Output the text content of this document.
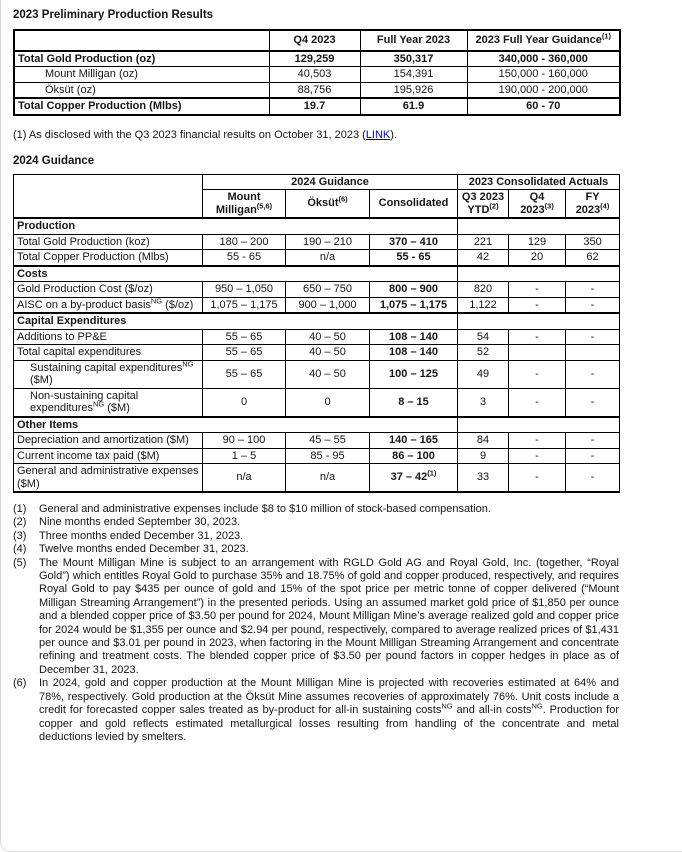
2023 Preliminary Production Results
	Q4 2023	Full Year 2023	2023 Full Year Guidance$^{(1)}$
Total Gold Production (oz)	129,259	350,317	340,000 - 360,000
Mount Milligan (oz)	40,503	154,391	150,000 - 160,000
Öksüt (oz)	88,756	195,926	190,000 - 200,000
Total Copper Production (Mlbs)	19.7	61.9	60 - 70

(1) As disclosed with the Q3 2023 financial results on October 31, 2023 (LINK).

2024 Guidance
	2024 Guidance			2023 Consolidated Actuals		
	Mount Milligan$^{(5,6)}$	Öksüt$^{(6)}$	Consolidated	Q3 2023 YTD$^{(2)}$	Q4 2023$^{(3)}$	FY 2023$^{(4)}$
Production						
Total Gold Production (koz)	180 – 200	190 – 210	370 – 410	221	129	350
Total Copper Production (Mlbs)	55 - 65	n/a	55 - 65	42	20	62
Costs						
Gold Production Cost ($/oz)	950 – 1,050	650 – 750	800 – 900	820	-	-
AISC on a by-product basis$^{NG}$ ($/oz)	1,075 – 1,175	900 – 1,000	1,075 – 1,175	1,122	-	-
Capital Expenditures						
Additions to PP&E	55 – 65	40 – 50	108 – 140	54	-	-
Total capital expenditures	55 – 65	40 – 50	108 – 140	52		
Sustaining capital expenditures$^{NG}$ ($M)	55 – 65	40 – 50	100 – 125	49	-	-
Non-sustaining capital expenditures$^{NG}$ ($M)	0	0	8 – 15	3	-	-
Other Items						
Depreciation and amortization ($M)	90 – 100	45 – 55	140 – 165	84	-	-
Current income tax paid ($M)	1 – 5	85 - 95	86 – 100	9	-	-
General and administrative expenses ($M)	n/a	n/a	37 – 42$^{(1)}$	33	-	-
(1)	General and administrative expenses include $8 to $10 million of stock-based compensation.
(2)	Nine months ended September 30, 2023.
(3)	Three months ended December 31, 2023.
(4)	Twelve months ended December 31, 2023.
(5)	The Mount Milligan Mine is subject to an arrangement with RGLD Gold AG and Royal Gold, Inc. (together, “Royal Gold”) which entitles Royal Gold to purchase 35% and 18.75% of gold and copper produced, respectively, and requires Royal Gold to pay $435 per ounce of gold and 15% of the spot price per metric tonne of copper delivered (“Mount Milligan Streaming Arrangement”) in the presented periods. Using an assumed market gold price of $1,850 per ounce and a blended copper price of $3.50 per pound for 2024, Mount Milligan Mine’s average realized gold and copper price for 2024 would be $1,355 per ounce and $2.94 per pound, respectively, compared to average realized prices of $1,431 per ounce and $3.01 per pound in 2023, when factoring in the Mount Milligan Streaming Arrangement and concentrate refining and treatment costs. The blended copper price of $3.50 per pound factors in copper hedges in place as of December 31, 2023.
(6)	In 2024, gold and copper production at the Mount Milligan Mine is projected with recoveries estimated at 64% and 78%, respectively. Gold production at the Öksüt Mine assumes recoveries of approximately 76%. Unit costs include a credit for forecasted copper sales treated as by-product for all-in sustaining costs$^{NG}$ and all-in costs$^{NG}$. Production for copper and gold reflects estimated metallurgical losses resulting from handling of the concentrate and metal deductions levied by smelters.
